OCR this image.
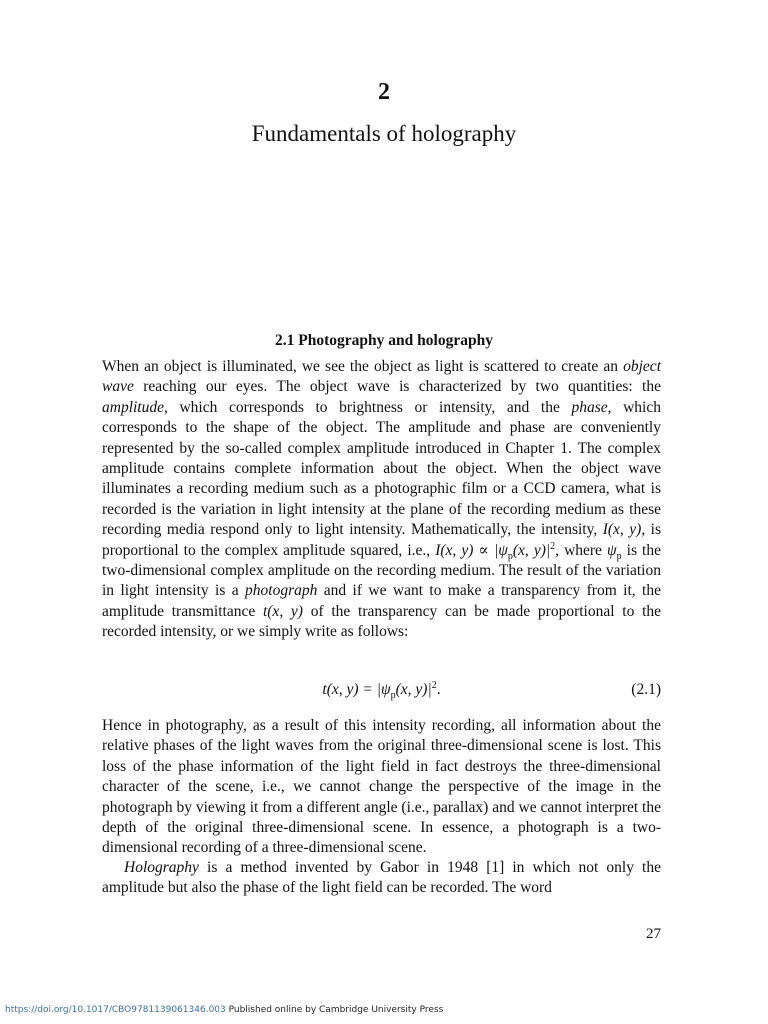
2
Fundamentals of holography
2.1 Photography and holography

When an object is illuminated, we see the object as light is scattered to create an object wave reaching our eyes. The object wave is characterized by two quantities: the amplitude, which corresponds to brightness or intensity, and the phase, which corresponds to the shape of the object. The amplitude and phase are conveniently represented by the so-called complex amplitude introduced in Chapter 1. The complex amplitude contains complete information about the object. When the object wave illuminates a recording medium such as a photographic film or a CCD camera, what is recorded is the variation in light intensity at the plane of the recording medium as these recording media respond only to light intensity. Mathematically, the intensity, I(x, y), is proportional to the complex amplitude squared, i.e., I(x, $y) \propto |\psi_p(x$, $y)|^2$, where $\psi_p$ is the two-dimensional complex amplitude on the recording medium. The result of the variation in light intensity is a photograph and if we want to make a transparency from it, the amplitude transmittance t(x, y) of the transparency can be made proportional to the recorded intensity, or we simply write as follows:

t(x, $y) = |\psi_p(x$, $y)|^2$.	(2.1)

Hence in photography, as a result of this intensity recording, all information about the relative phases of the light waves from the original three-dimensional scene is lost. This loss of the phase information of the light field in fact destroys the three-dimensional character of the scene, i.e., we cannot change the perspective of the image in the photograph by viewing it from a different angle (i.e., parallax) and we cannot interpret the depth of the original three-dimensional scene. In essence, a photograph is a two-dimensional recording of a three-dimensional scene.

Holography is a method invented by Gabor in 1948 [1] in which not only the amplitude but also the phase of the light field can be recorded. The word

27
https://doi.org/10.1017/CBO9781139061346.003 Published online by Cambridge University Press
